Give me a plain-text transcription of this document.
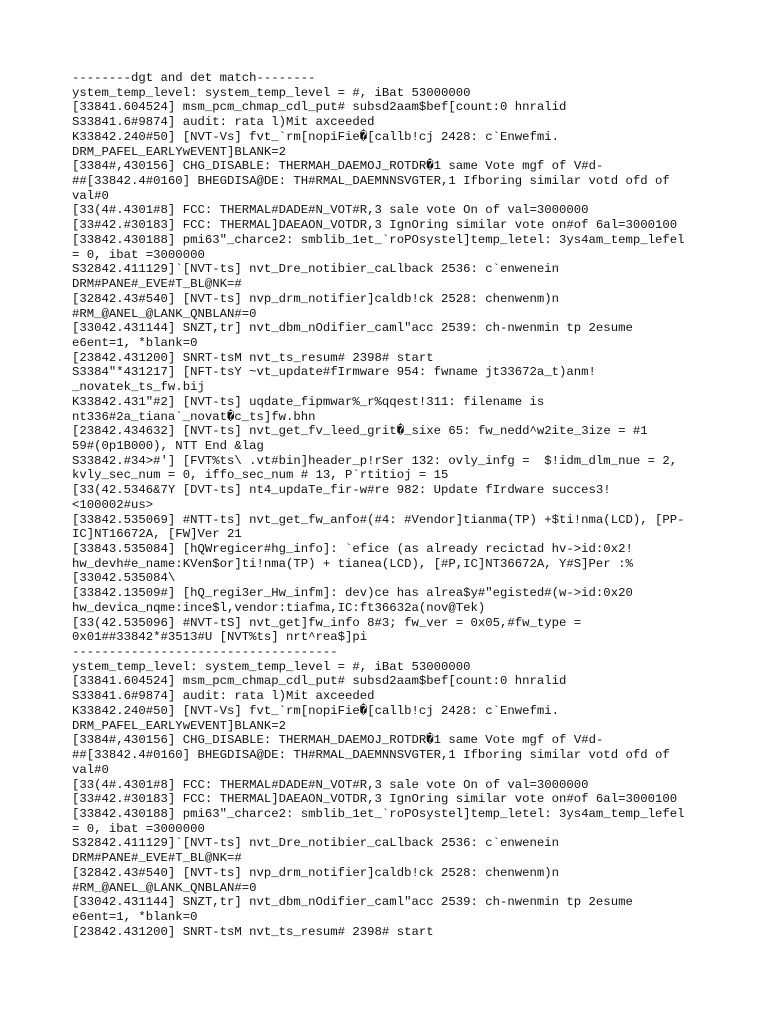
--------dgt and det match--------
ystem_temp_level: system_temp_level = #, iBat 53000000
[33841.604524] msm_pcm_chmap_cdl_put# subsd2aam$bef[count:0 hnralid
S33841.6#9874] audit: rata l)Mit axceeded
K33842.240#50] [NVT-Vs] fvt_`rm[nopiFie�[callb!cj 2428: c`Enwefmi.
DRM_PAFEL_EARLYwEVENT]BLANK=2
[3384#,430156] CHG_DISABLE: THERMAH_DAEMOJ_ROTDR�1 same Vote mgf of V#d-
##[33842.4#0160] BHEGDISA@DE: TH#RMAL_DAEMNNSVGTER,1 Ifboring similar votd ofd of
val#0
[33(4#.4301#8] FCC: THERMAL#DADE#N_VOT#R,3 sale vote On of val=3000000
[33#42.#30183] FCC: THERMAL]DAEAON_VOTDR,3 IgnOring similar vote on#of 6al=3000100
[33842.430188] pmi63"_charce2: smblib_1et_`roPOsystel]temp_letel: 3ys4am_temp_lefel
= 0, ibat =3000000
S32842.411129]`[NVT-ts] nvt_Dre_notibier_caLlback 2536: c`enwenein
DRM#PANE#_EVE#T_BL@NK=#
[32842.43#540] [NVT-ts] nvp_drm_notifier]caldb!ck 2528: chenwenm)n
#RM_@ANEL_@LANK_QNBLAN#=0
[33042.431144] SNZT,tr] nvt_dbm_nOdifier_caml"acc 2539: ch-nwenmin tp 2esume
e6ent=1, *blank=0
[23842.431200] SNRT-tsM nvt_ts_resum# 2398# start
S3384"*431217] [NFT-tsY ~vt_update#fIrmware 954: fwname jt33672a_t)anm!
_novatek_ts_fw.bij
K33842.431"#2] [NVT-ts] uqdate_fipmwar%_r%qqest!311: filename is
nt336#2a_tiana`_novat�c_ts]fw.bhn
[23842.434632] [NVT-ts] nvt_get_fv_leed_grit�_sixe 65: fw_nedd^w2ite_3ize = #1
59#(0p1B000), NTT End &lag
S33842.#34>#'] [FVT%ts\ .vt#bin]header_p!rSer 132: ovly_infg =  $!idm_dlm_nue = 2,
kvly_sec_num = 0, iffo_sec_num # 13, P`rtitioj = 15
[33(42.5346&7Y [DVT-ts] nt4_updaTe_fir-w#re 982: Update fIrdware succes3!
<100002#us>
[33842.535069] #NTT-ts] nvt_get_fw_anfo#(#4: #Vendor]tianma(TP) +$ti!nma(LCD), [PP-
IC]NT16672A, [FW]Ver 21
[33843.535084] [hQWregicer#hg_info]: `efice (as already recictad hv->id:0x2!
hw_devh#e_name:KVen$or]ti!nma(TP) + tianea(LCD), [#P,IC]NT36672A, Y#S]Per :%
[33042.535084\
[33842.13509#] [hQ_regi3er_Hw_infm]: dev)ce has alrea$y#"egisted#(w->id:0x20
hw_devica_nqme:ince$l,vendor:tiafma,IC:ft36632a(nov@Tek)
[33(42.535096] #NVT-tS] nvt_get]fw_info 8#3; fw_ver = 0x05,#fw_type =
0x01##33842*#3513#U [NVT%ts] nrt^rea$]pi
------------------------------------
ystem_temp_level: system_temp_level = #, iBat 53000000
[33841.604524] msm_pcm_chmap_cdl_put# subsd2aam$bef[count:0 hnralid
S33841.6#9874] audit: rata l)Mit axceeded
K33842.240#50] [NVT-Vs] fvt_`rm[nopiFie�[callb!cj 2428: c`Enwefmi.
DRM_PAFEL_EARLYwEVENT]BLANK=2
[3384#,430156] CHG_DISABLE: THERMAH_DAEMOJ_ROTDR�1 same Vote mgf of V#d-
##[33842.4#0160] BHEGDISA@DE: TH#RMAL_DAEMNNSVGTER,1 Ifboring similar votd ofd of
val#0
[33(4#.4301#8] FCC: THERMAL#DADE#N_VOT#R,3 sale vote On of val=3000000
[33#42.#30183] FCC: THERMAL]DAEAON_VOTDR,3 IgnOring similar vote on#of 6al=3000100
[33842.430188] pmi63"_charce2: smblib_1et_`roPOsystel]temp_letel: 3ys4am_temp_lefel
= 0, ibat =3000000
S32842.411129]`[NVT-ts] nvt_Dre_notibier_caLlback 2536: c`enwenein
DRM#PANE#_EVE#T_BL@NK=#
[32842.43#540] [NVT-ts] nvp_drm_notifier]caldb!ck 2528: chenwenm)n
#RM_@ANEL_@LANK_QNBLAN#=0
[33042.431144] SNZT,tr] nvt_dbm_nOdifier_caml"acc 2539: ch-nwenmin tp 2esume
e6ent=1, *blank=0
[23842.431200] SNRT-tsM nvt_ts_resum# 2398# start
